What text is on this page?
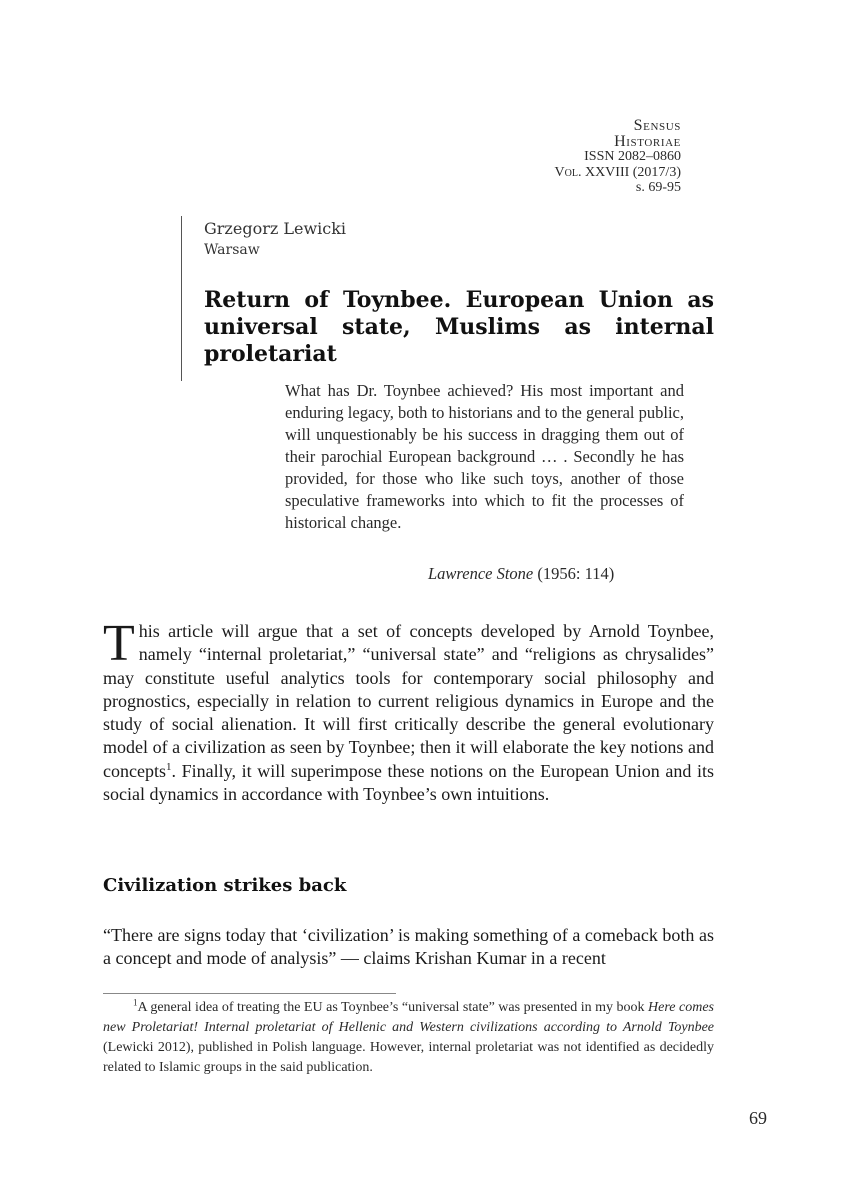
Sensus
Historiae
ISSN 2082–0860
Vol. XXVIII (2017/3)
s. 69-95
Grzegorz Lewicki
Warsaw
Return of Toynbee. European Union as universal state, Muslims as internal proletariat

What has Dr. Toynbee achieved? His most important and enduring legacy, both to historians and to the general public, will unquestionably be his success in dragging them out of their parochial European background … . Secondly he has provided, for those who like such toys, another of those speculative frameworks into which to fit the processes of historical change.

Lawrence Stone (1956: 114)

This article will argue that a set of concepts developed by Arnold Toynbee, namely “internal proletariat,” “universal state” and “religions as chrysalides” may constitute useful analytics tools for contemporary social philosophy and prognostics, especially in relation to current religious dynamics in Europe and the study of social alienation. It will first critically describe the general evolutionary model of a civilization as seen by Toynbee; then it will elaborate the key notions and concepts$^1$. Finally, it will superimpose these notions on the European Union and its social dynamics in accordance with Toynbee’s own intuitions.

Civilization strikes back

“There are signs today that ‘civilization’ is making something of a comeback both as a concept and mode of analysis” — claims Krishan Kumar in a recent

$^1$A general idea of treating the EU as Toynbee’s “universal state” was presented in my book Here comes new Proletariat! Internal proletariat of Hellenic and Western civilizations according to Arnold Toynbee (Lewicki 2012), published in Polish language. However, internal proletariat was not identified as decidedly related to Islamic groups in the said publication.

69
